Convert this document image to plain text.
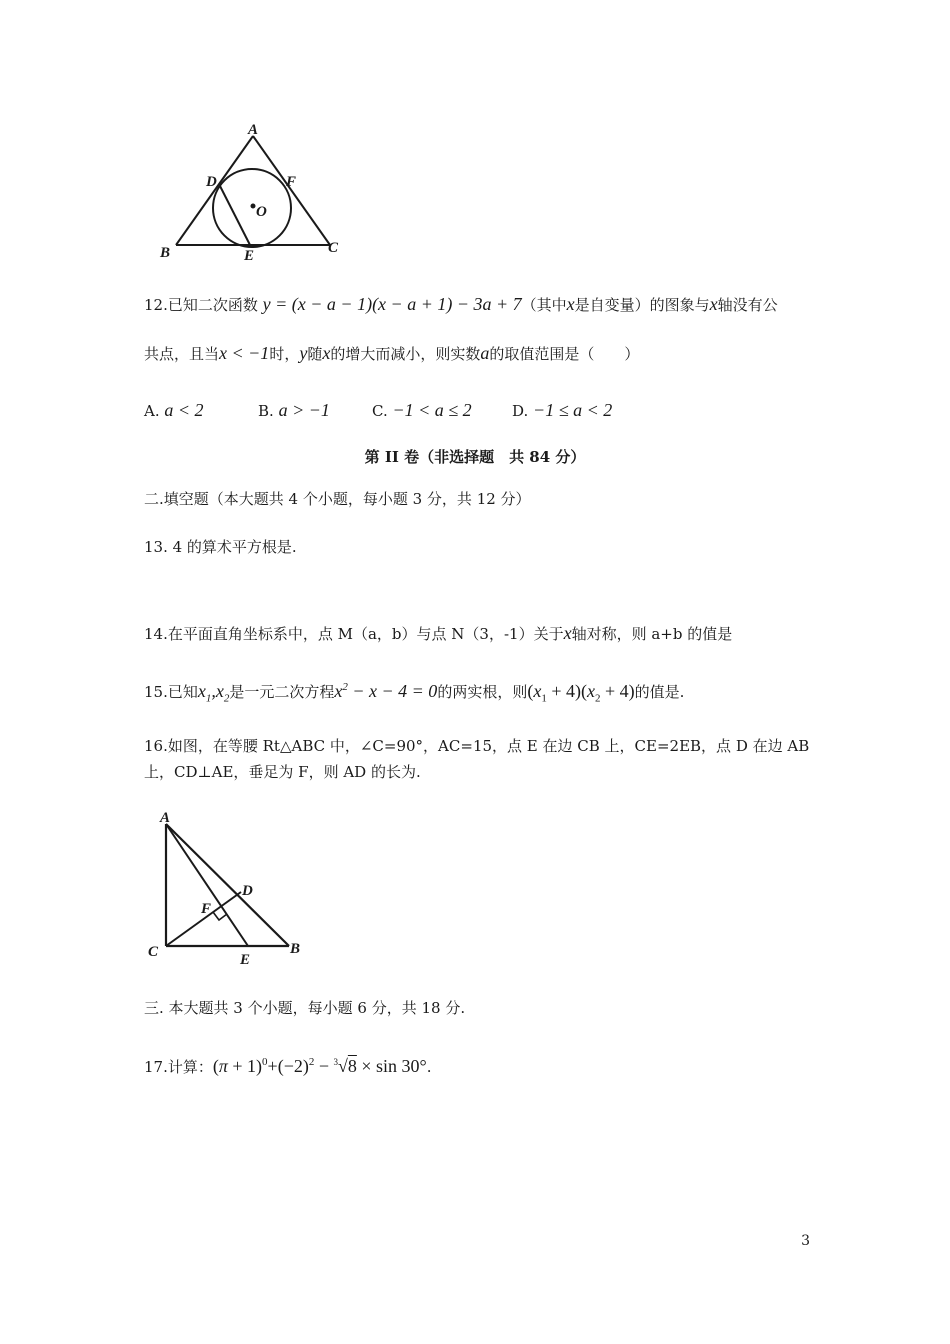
A
D	F
O
B	E	C
12.已知二次函数 y = (x − a − 1)(x − a + 1) − 3a + 7（其中x是自变量）的图象与x轴没有公
共点，且当x < −1时，y随x的增大而减小，则实数a的取值范围是（　　）
A. a < 2	B. a > −1	C. −1 < a ≤ 2	D. −1 ≤ a < 2
第 II 卷（非选择题　共 84 分）
二.填空题（本大题共 4 个小题，每小题 3 分，共 12 分）
13. 4 的算术平方根是.
14.在平面直角坐标系中，点 M（a，b）与点 N（3，-1）关于x轴对称，则 a+b 的值是
15.已知$x_1,x_2$是一元二次方程$x^2 - x - 4 = 0$的两实根，则$(x_1 + 4)(x_2 + 4)$的值是.
16.如图，在等腰 Rt△ABC 中，∠C=90°，AC=15，点 E 在边 CB 上，CE=2EB，点 D 在边 AB
上，CD⊥AE，垂足为 F，则 AD 的长为.
A
D
F
C	E
B
三. 本大题共 3 个小题，每小题 6 分，共 18 分.
17.计算：$(\pi + 1)^0+(-2)^2 - ^3√8 \times \sin 30^\circ$.
3
